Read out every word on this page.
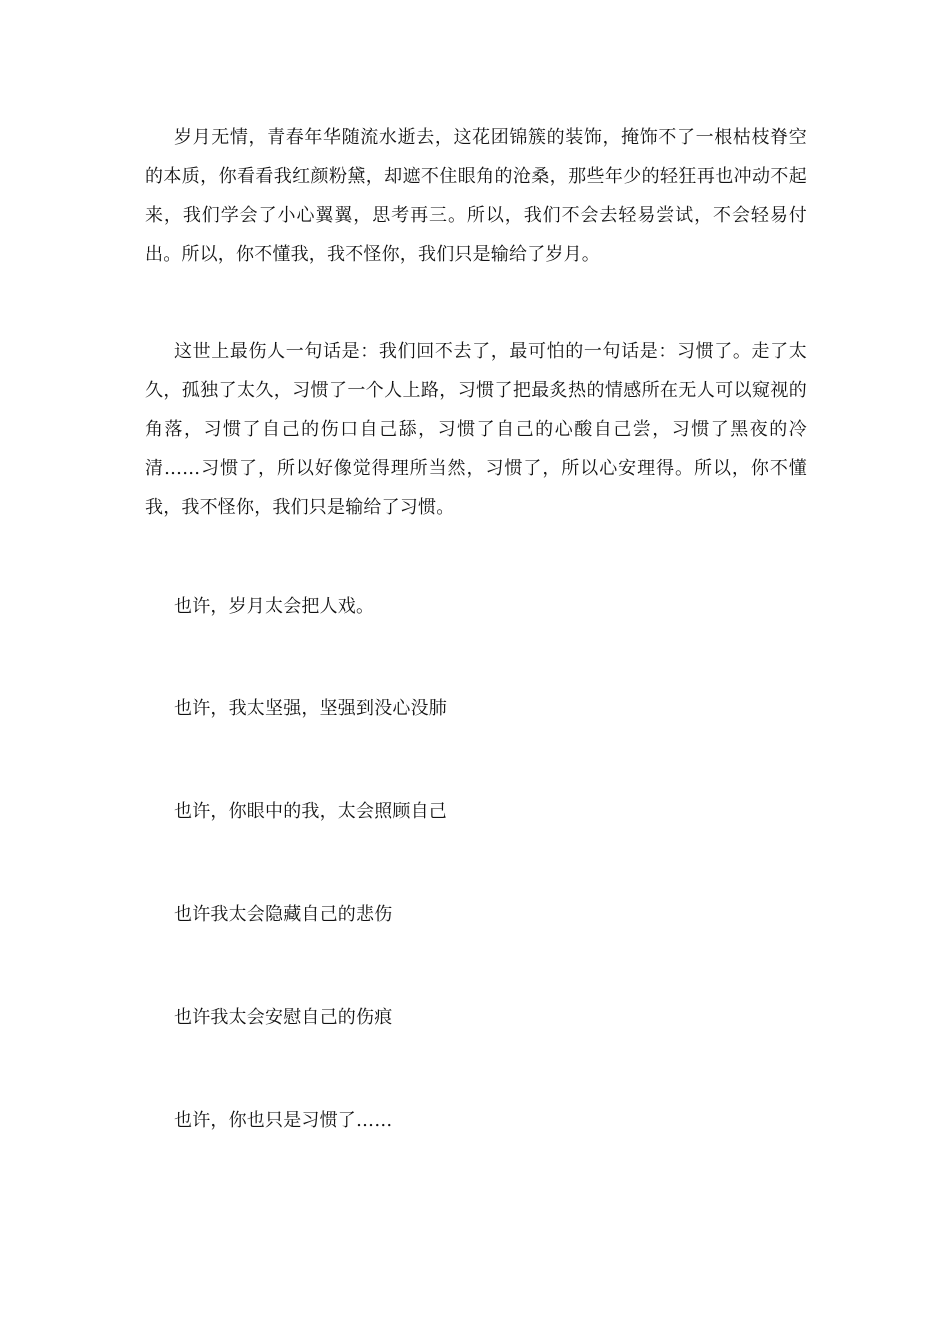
岁月无情，青春年华随流水逝去，这花团锦簇的装饰，掩饰不了一根枯枝脊空的本质，你看看我红颜粉黛，却遮不住眼角的沧桑，那些年少的轻狂再也冲动不起来，我们学会了小心翼翼，思考再三。所以，我们不会去轻易尝试，不会轻易付出。所以，你不懂我，我不怪你，我们只是输给了岁月。

这世上最伤人一句话是：我们回不去了，最可怕的一句话是：习惯了。走了太久，孤独了太久，习惯了一个人上路，习惯了把最炙热的情感所在无人可以窥视的角落，习惯了自己的伤口自己舔，习惯了自己的心酸自己尝，习惯了黑夜的冷清……习惯了，所以好像觉得理所当然，习惯了，所以心安理得。所以，你不懂我，我不怪你，我们只是输给了习惯。

也许，岁月太会把人戏。

也许，我太坚强，坚强到没心没肺

也许，你眼中的我，太会照顾自己

也许我太会隐藏自己的悲伤

也许我太会安慰自己的伤痕

也许，你也只是习惯了……
